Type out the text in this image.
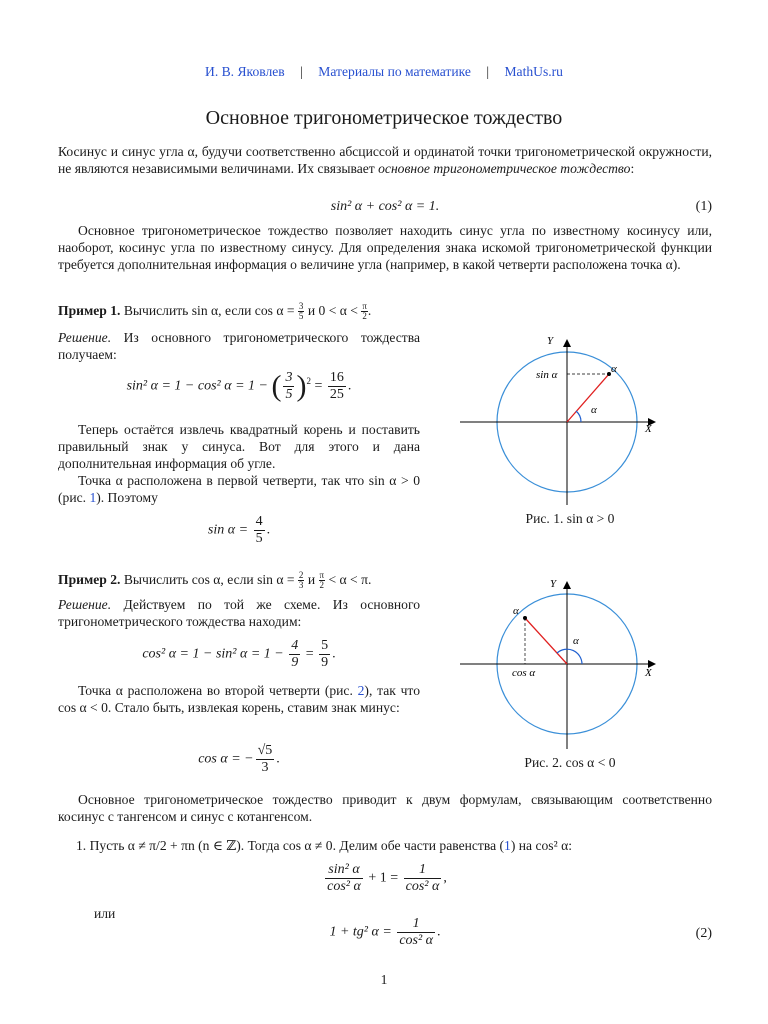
И. В. Яковлев | Материалы по математике | MathUs.ru
Основное тригонометрическое тождество
Косинус и синус угла α, будучи соответственно абсциссой и ординатой точки тригонометрической окружности, не являются независимыми величинами. Их связывает основное тригонометрическое тождество:
sin² α + cos² α = 1.	(1)
Основное тригонометрическое тождество позволяет находить синус угла по известному косинусу или, наоборот, косинус угла по известному синусу. Для определения знака искомой тригонометрической функции требуется дополнительная информация о величине угла (например, в какой четверти расположена точка α).
Пример 1. Вычислить sin α, если $\cos \alpha = \frac{3}{5}$ и $0 < \alpha < \frac{\pi}{2}$ .
Решение. Из основного тригонометрического тождества получаем:
sin² α = 1 − cos² α = 1 − ( $\frac{3}{5} )^2 = \frac{16}{25}$ .
Теперь остаётся извлечь квадратный корень и поставить правильный знак у синуса. Вот для этого и дана дополнительная информация об угле.
Точка α расположена в первой четверти, так что sin α > 0 (рис. 1). Поэтому
$\sin \alpha = \frac{4}{5}$ .
Y
X
sin α	α
α
Рис. 1. sin α > 0
Пример 2. Вычислить cos α, если $\sin \alpha = \frac{2}{3}$ и $\frac{\pi}{2} < \alpha < \pi$.
Решение. Действуем по той же схеме. Из основного тригонометрического тождества находим:
cos² α = 1 − sin² $\alpha = 1 - \frac{4}{9} = \frac{5}{9}$ .
Точка α расположена во второй четверти (рис. 2), так что cos α < 0. Стало быть, извлекая корень, ставим знак минус:
cos α = − $\frac{√5}{3}$ .
Y
X
cos α
α
α
Рис. 2. cos α < 0
Основное тригонометрическое тождество приводит к двум формулам, связывающим соответственно косинус с тангенсом и синус с котангенсом.
1. Пусть α ≠ π/2 + πn (n ∈ ℤ). Тогда cos α ≠ 0. Делим обе части равенства (1) на cos² α:
$\frac{\text{sin² α}}{\text{cos² α}} + 1 = \frac{1}{\text{cos² α}}$ ,
или
1 + tg² $\alpha = \frac{1}{\text{cos² α}}$ .	(2)
1
